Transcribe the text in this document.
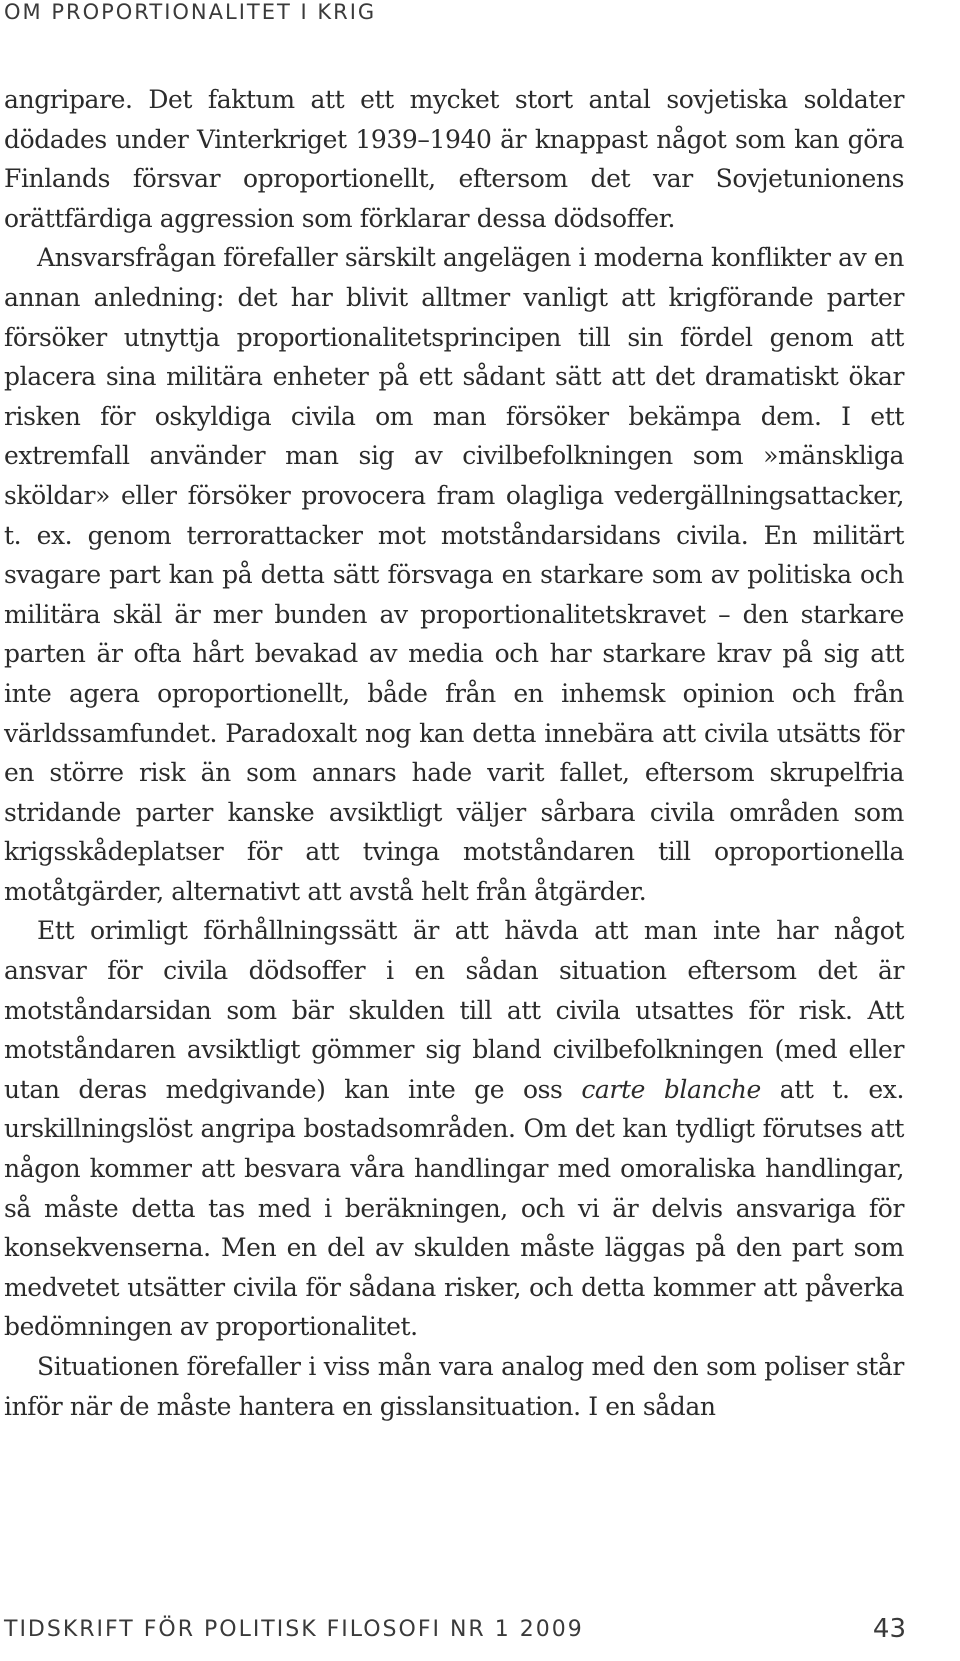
OM PROPORTIONALITET I KRIG

angripare. Det faktum att ett mycket stort antal sovjetiska soldater dödades under Vinterkriget 1939–1940 är knappast något som kan göra Finlands försvar oproportionellt, eftersom det var Sovjetunionens orättfärdiga aggression som förklarar dessa dödsoffer.

Ansvarsfrågan förefaller särskilt angelägen i moderna konflikter av en annan anledning: det har blivit alltmer vanligt att krigförande parter försöker utnyttja proportionalitetsprincipen till sin fördel genom att placera sina militära enheter på ett sådant sätt att det dramatiskt ökar risken för oskyldiga civila om man försöker bekämpa dem. I ett extremfall använder man sig av civilbefolkningen som »mänskliga sköldar» eller försöker provocera fram olagliga vedergällningsattacker, t. ex. genom terrorattacker mot motståndarsidans civila. En militärt svagare part kan på detta sätt försvaga en starkare som av politiska och militära skäl är mer bunden av proportionalitetskravet – den starkare parten är ofta hårt bevakad av media och har starkare krav på sig att inte agera oproportionellt, både från en inhemsk opinion och från världssamfundet. Paradoxalt nog kan detta innebära att civila utsätts för en större risk än som annars hade varit fallet, eftersom skrupelfria stridande parter kanske avsiktligt väljer sårbara civila områden som krigsskådeplatser för att tvinga motståndaren till oproportionella motåtgärder, alternativt att avstå helt från åtgärder.

Ett orimligt förhållningssätt är att hävda att man inte har något ansvar för civila dödsoffer i en sådan situation eftersom det är motståndarsidan som bär skulden till att civila utsattes för risk. Att motståndaren avsiktligt gömmer sig bland civilbefolkningen (med eller utan deras medgivande) kan inte ge oss carte blanche att t. ex. urskillningslöst angripa bostadsområden. Om det kan tydligt förutses att någon kommer att besvara våra handlingar med omoraliska handlingar, så måste detta tas med i beräkningen, och vi är delvis ansvariga för konsekvenserna. Men en del av skulden måste läggas på den part som medvetet utsätter civila för sådana risker, och detta kommer att påverka bedömningen av proportionalitet.

Situationen förefaller i viss mån vara analog med den som poliser står inför när de måste hantera en gisslansituation. I en sådan

TIDSKRIFT FÖR POLITISK FILOSOFI NR 1 2009	43
